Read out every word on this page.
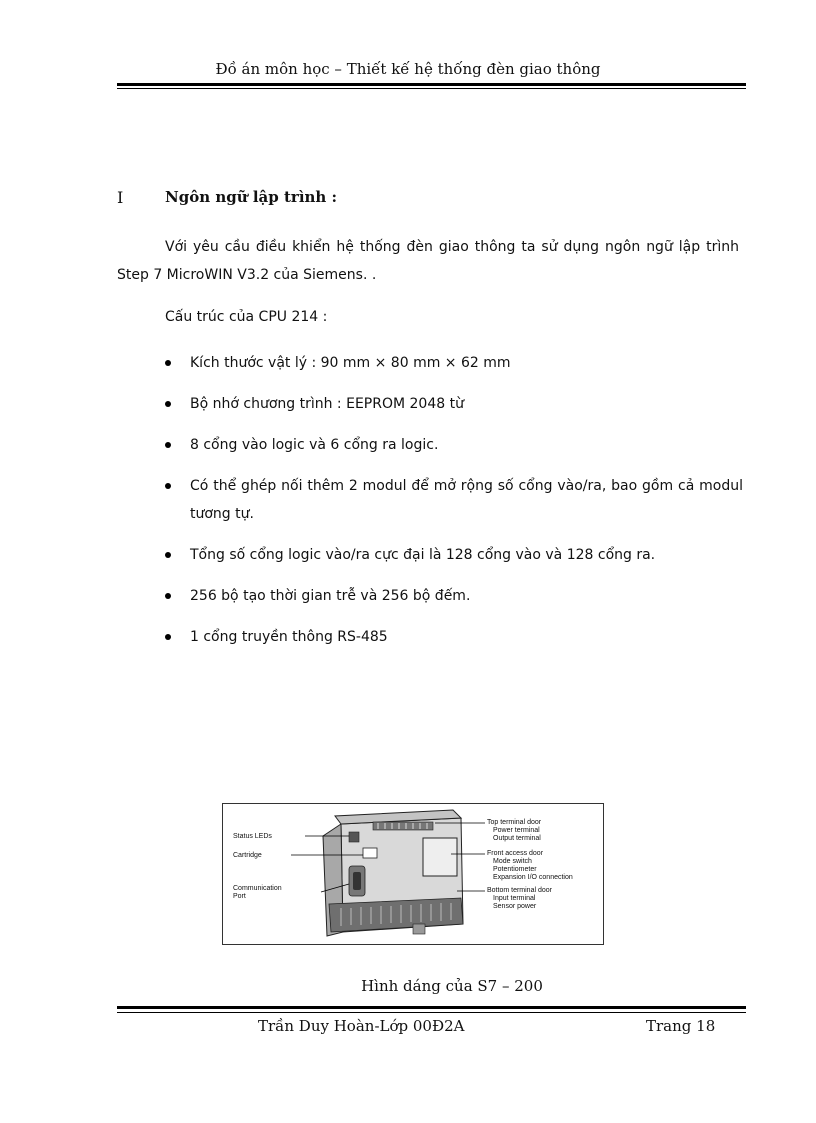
Đồ án môn học – Thiết kế hệ thống đèn giao thông
I	Ngôn ngữ lập trình :
Với yêu cầu điều khiển hệ thống đèn giao thông ta sử dụng ngôn ngữ lập trình Step 7 MicroWIN V3.2 của Siemens. .
Cấu trúc của CPU 214 :
Kích thước vật lý : 90 mm × 80 mm × 62 mm
Bộ nhớ chương trình : EEPROM 2048 từ
8 cổng vào logic và 6 cổng ra logic.
Có thể ghép nối thêm 2 modul để mở rộng số cổng vào/ra, bao gồm cả modul tương tự.
Tổng số cổng logic vào/ra cực đại là 128 cổng vào và 128 cổng ra.
256 bộ tạo thời gian trễ và 256 bộ đếm.
1 cổng truyền thông RS-485
Status LEDs
Cartridge
Communication
Port
Top terminal door
Power terminal
Output terminal
Front access door
Mode switch
Potentiometer
Expansion I/O connection
Bottom terminal door
Input terminal
Sensor power
Hình dáng của S7 – 200
Trần Duy Hoàn-Lớp 00Đ2A	Trang 18
